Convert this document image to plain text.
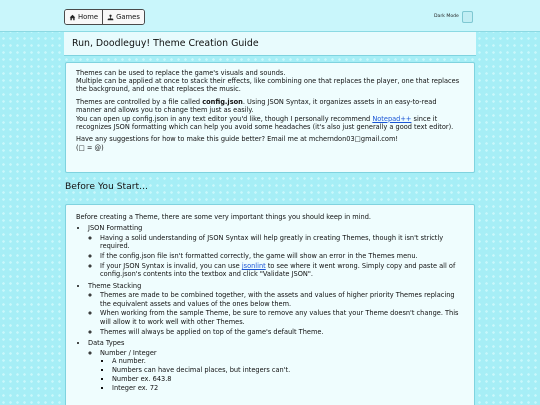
Home	Games	Dark Mode
Run, Doodleguy! Theme Creation Guide

Themes can be used to replace the game's visuals and sounds.
Multiple can be applied at once to stack their effects, like combining one that replaces the player, one that replaces the background, and one that replaces the music.

Themes are controlled by a file called config.json. Using JSON Syntax, it organizes assets in an easy-to-read manner and allows you to change them just as easily.
You can open up config.json in any text editor you'd like, though I personally recommend Notepad++ since it recognizes JSON formatting which can help you avoid some headaches (it's also just generally a good text editor).

Have any suggestions for how to make this guide better? Email me at mcherndon03□gmail.com!
(□ = @)

Before You Start...
Before creating a Theme, there are some very important things you should keep in mind.
• JSON Formatting
◦ Having a solid understanding of JSON Syntax will help greatly in creating Themes, though it isn't strictly required.
◦ If the config.json file isn't formatted correctly, the game will show an error in the Themes menu.
◦ If your JSON Syntax is invalid, you can use jsonlint to see where it went wrong. Simply copy and paste all of config.json's contents into the textbox and click "Validate JSON".
• Theme Stacking
◦ Themes are made to be combined together, with the assets and values of higher priority Themes replacing the equivalent assets and values of the ones below them.
◦ When working from the sample Theme, be sure to remove any values that your Theme doesn't change. This will allow it to work well with other Themes.
◦ Themes will always be applied on top of the game's default Theme.
• Data Types
◦ Number / Integer
▪ A number.
▪ Numbers can have decimal places, but integers can't.
▪ Number ex. 643.8
▪ Integer ex. 72
